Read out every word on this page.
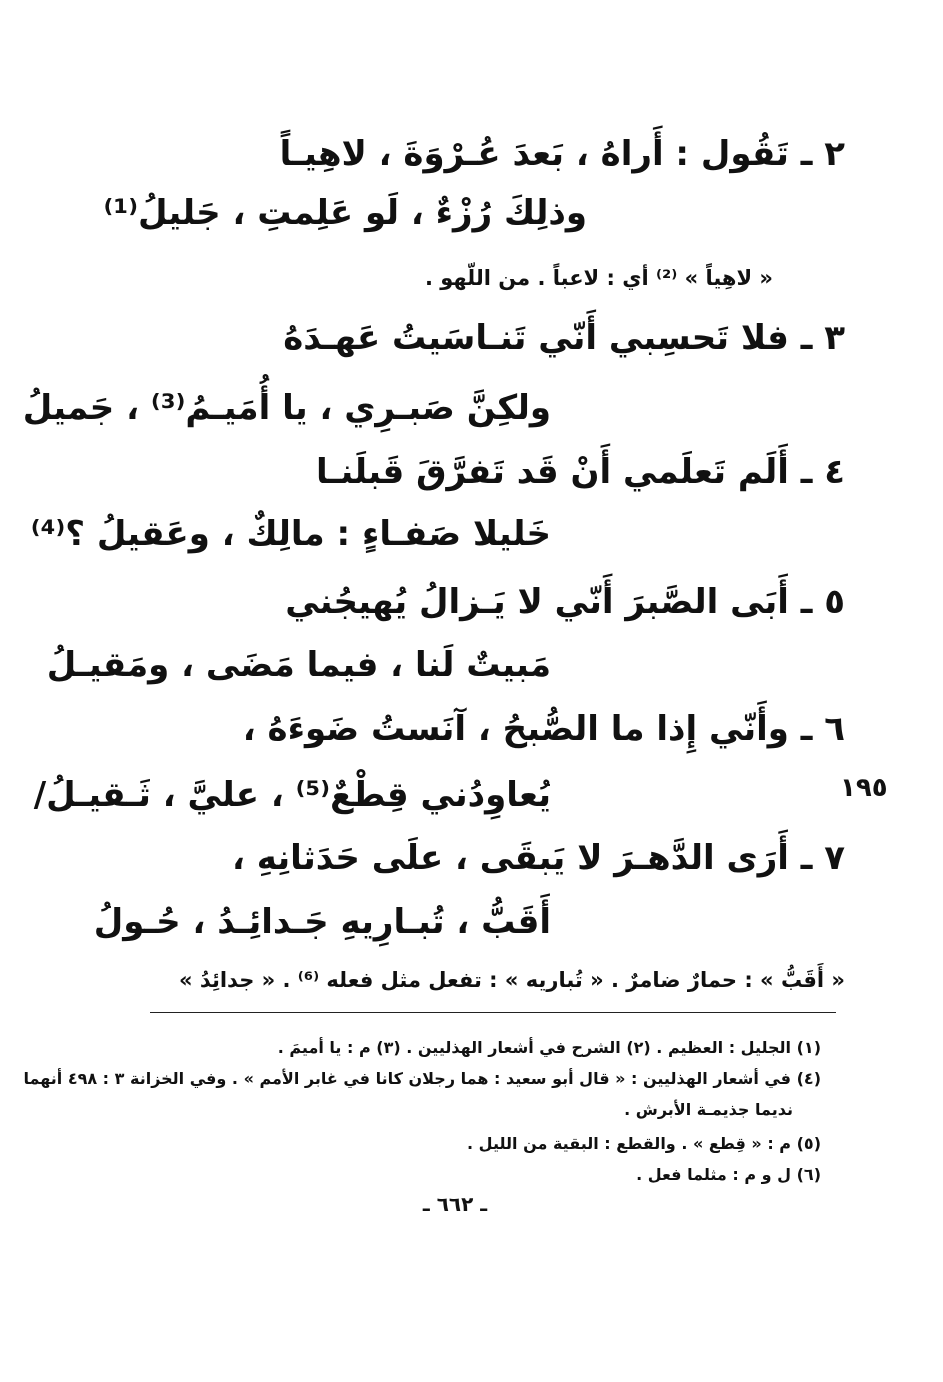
٢ ـ تَقُول : أَراهُ ، بَعدَ عُـرْوَةَ ، لاهِيـاً
وذلِكَ رُزْءٌ ، لَو عَلِمتِ ، جَليلُ⁽¹⁾
« لاهِياً » ⁽²⁾ أي : لاعباً . من اللّهو .
٣ ـ فلا تَحسِبي أَنّي تَنـاسَيتُ عَهـدَهُ
ولكِنَّ صَبـرِي ، يا أُمَيـمُ⁽³⁾ ، جَميلُ
٤ ـ أَلَم تَعلَمي أَنْ قَد تَفرَّقَ قَبلَنـا
خَليلا صَفـاءٍ : مالِكٌ ، وعَقيلُ ؟⁽⁴⁾
٥ ـ أَبَى الصَّبرَ أَنّي لا يَـزالُ يُهيجُني
مَبيتٌ لَنا ، فيما مَضَى ، ومَقيـلُ
٦ ـ وأَنّي إِذا ما الصُّبحُ ، آنَستُ ضَوءَهُ ،
يُعاوِدُني قِطْعٌ⁽⁵⁾ ، عليَّ ، ثَـقيـلُ/	١٩٥
٧ ـ أَرَى الدَّهـرَ لا يَبقَى ، علَى حَدَثانِهِ ،
أَقَبُّ ، تُبـارِيهِ جَـدائِـدُ ، حُـولُ
« أَقَبُّ » : حمارٌ ضامرٌ . « تُباريه » : تفعل مثل فعله ⁽⁶⁾ . « جدائِدُ »
(١) الجليل : العظيم . (٢) الشرح في أشعار الهذليين . (٣) م : يا أميمَ .
(٤) في أشعار الهذليين : « قال أبو سعيد : هما رجلان كانا في غابر الأمم » . وفي الخزانة ٣ : ٤٩٨ أنهما
نديما جذيمـة الأبرش .
(٥) م : « قِطع » . والقطع : البقية من الليل .
(٦) ل و م : مثلما فعل .
ـ ٦٦٢ ـ
